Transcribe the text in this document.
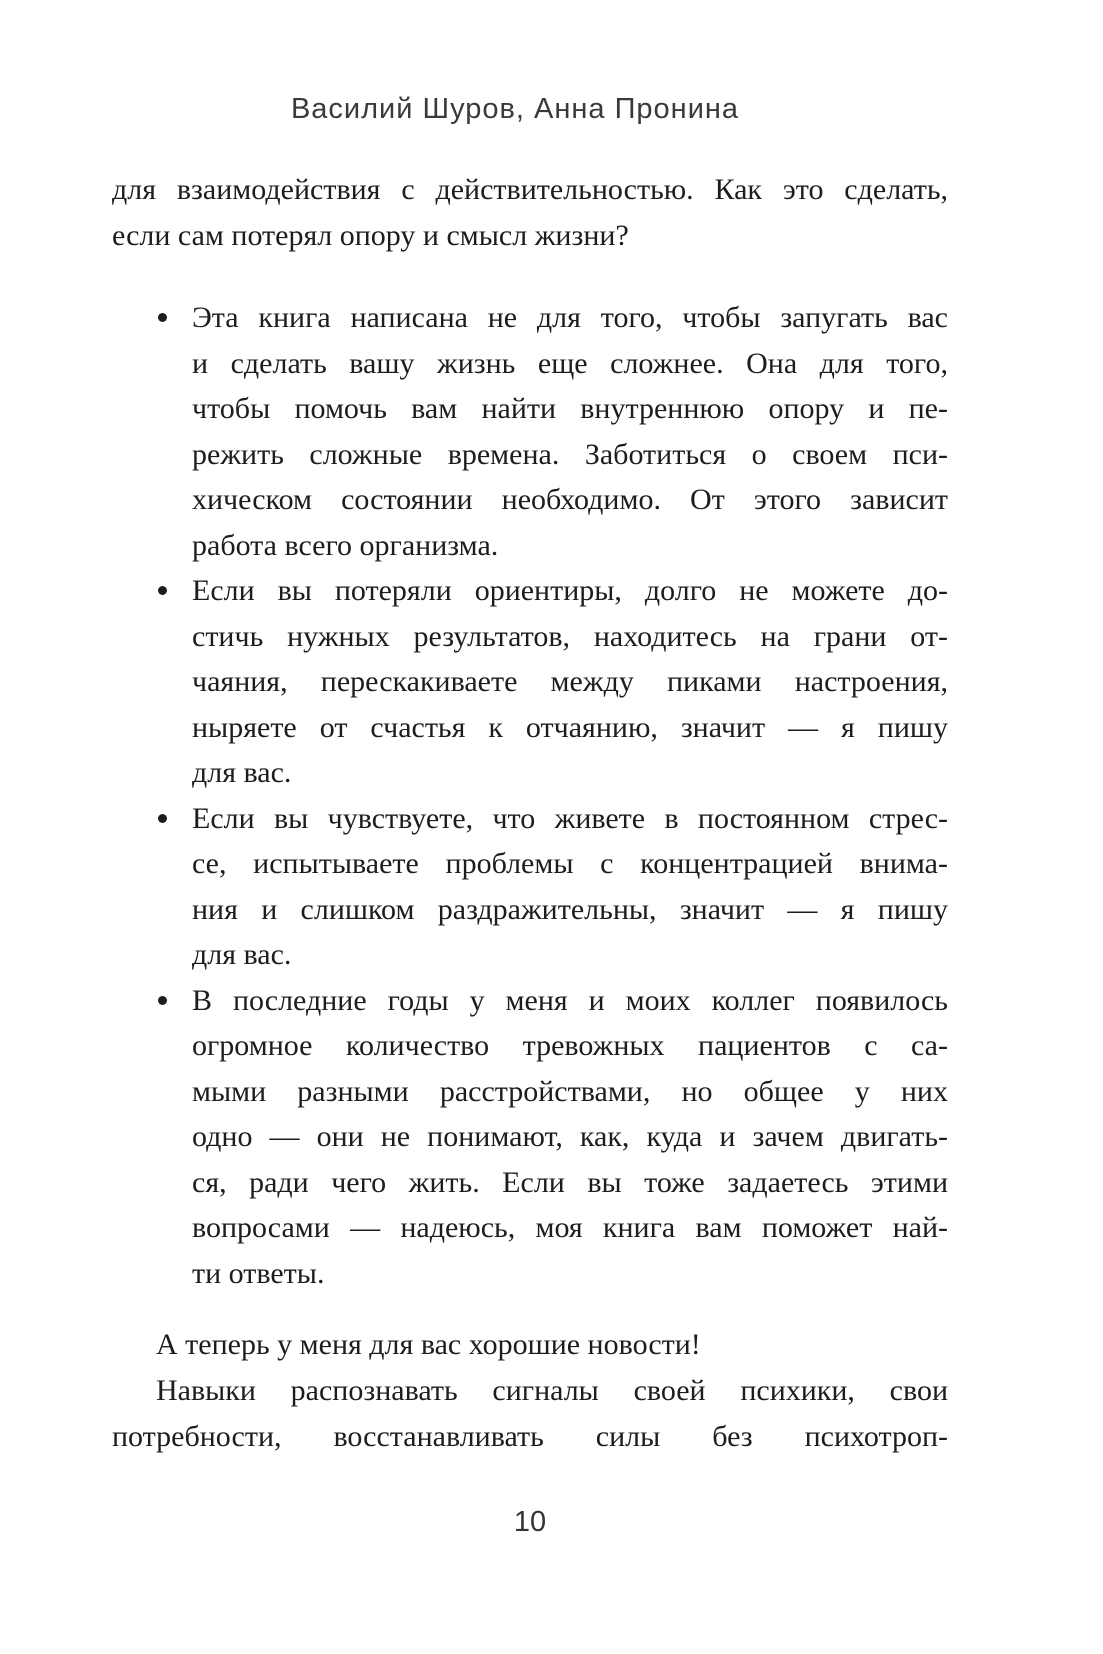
Василий Шуров, Анна Пронина
для взаимодействия с действительностью. Как это сделать,
если сам потерял опору и смысл жизни?
Эта книга написана не для того, чтобы запугать вас
и сделать вашу жизнь еще сложнее. Она для того,
чтобы помочь вам найти внутреннюю опору и пе-
режить сложные времена. Заботиться о своем пси-
хическом состоянии необходимо. От этого зависит
работа всего организма.
Если вы потеряли ориентиры, долго не можете до-
стичь нужных результатов, находитесь на грани от-
чаяния, перескакиваете между пиками настроения,
ныряете от счастья к отчаянию, значит — я пишу
для вас.
Если вы чувствуете, что живете в постоянном стрес-
се, испытываете проблемы с концентрацией внима-
ния и слишком раздражительны, значит — я пишу
для вас.
В последние годы у меня и моих коллег появилось
огромное количество тревожных пациентов с са-
мыми разными расстройствами, но общее у них
одно — они не понимают, как, куда и зачем двигать-
ся, ради чего жить. Если вы тоже задаетесь этими
вопросами — надеюсь, моя книга вам поможет най-
ти ответы.
А теперь у меня для вас хорошие новости!
Навыки распознавать сигналы своей психики, свои
потребности, восстанавливать силы без психотроп-
10
